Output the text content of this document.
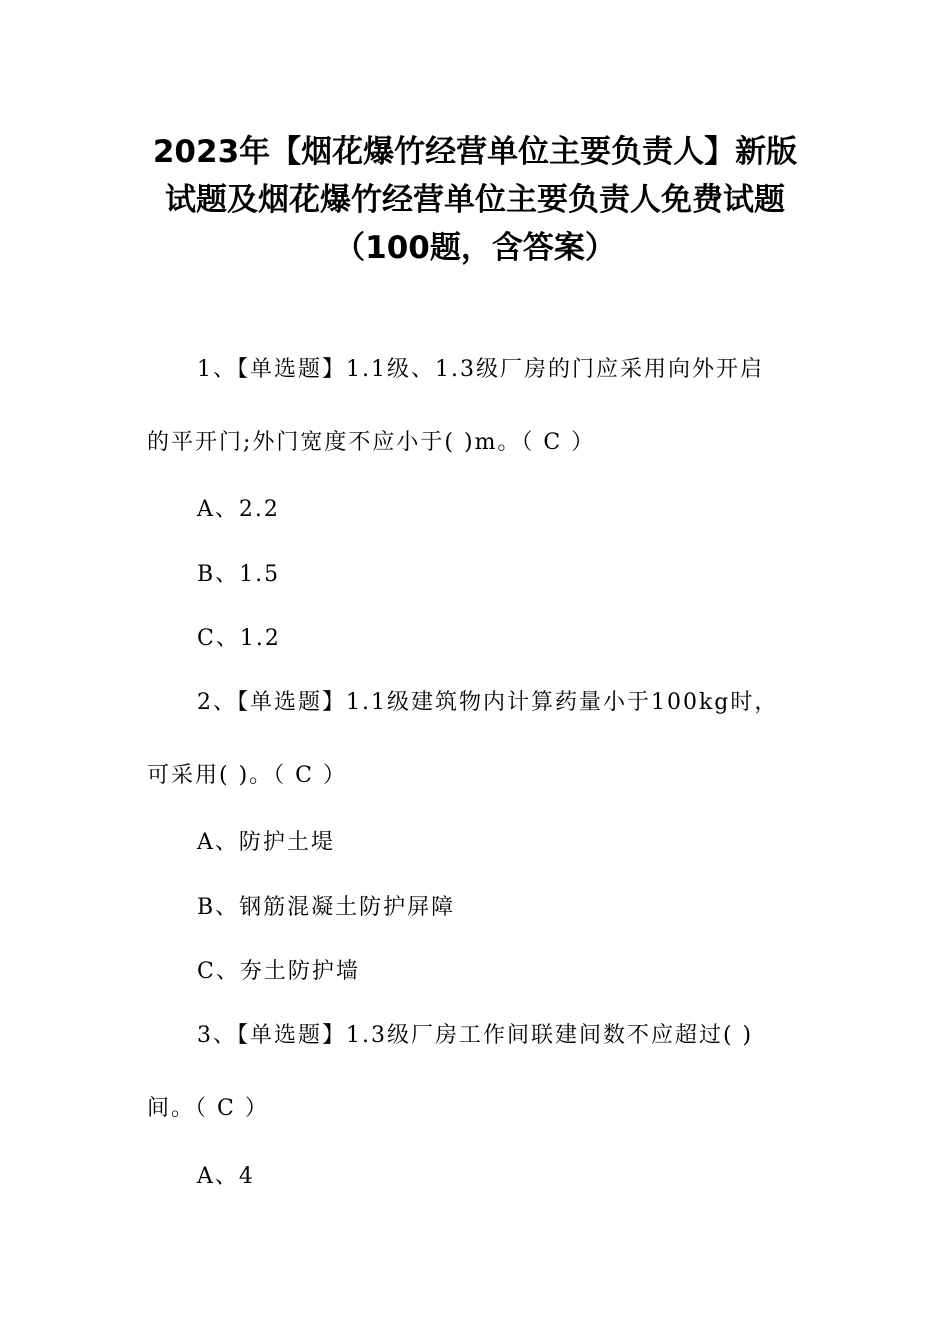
2023年【烟花爆竹经营单位主要负责人】新版
试题及烟花爆竹经营单位主要负责人免费试题
（100题，含答案）
1、【单选题】1.1级、1.3级厂房的门应采用向外开启
的平开门;外门宽度不应小于( )m。（ C ）
A、2.2
B、1.5
C、1.2
2、【单选题】1.1级建筑物内计算药量小于100kg时，
可采用( )。（ C ）
A、防护土堤
B、钢筋混凝土防护屏障
C、夯土防护墙
3、【单选题】1.3级厂房工作间联建间数不应超过( )
间。（ C ）
A、4
